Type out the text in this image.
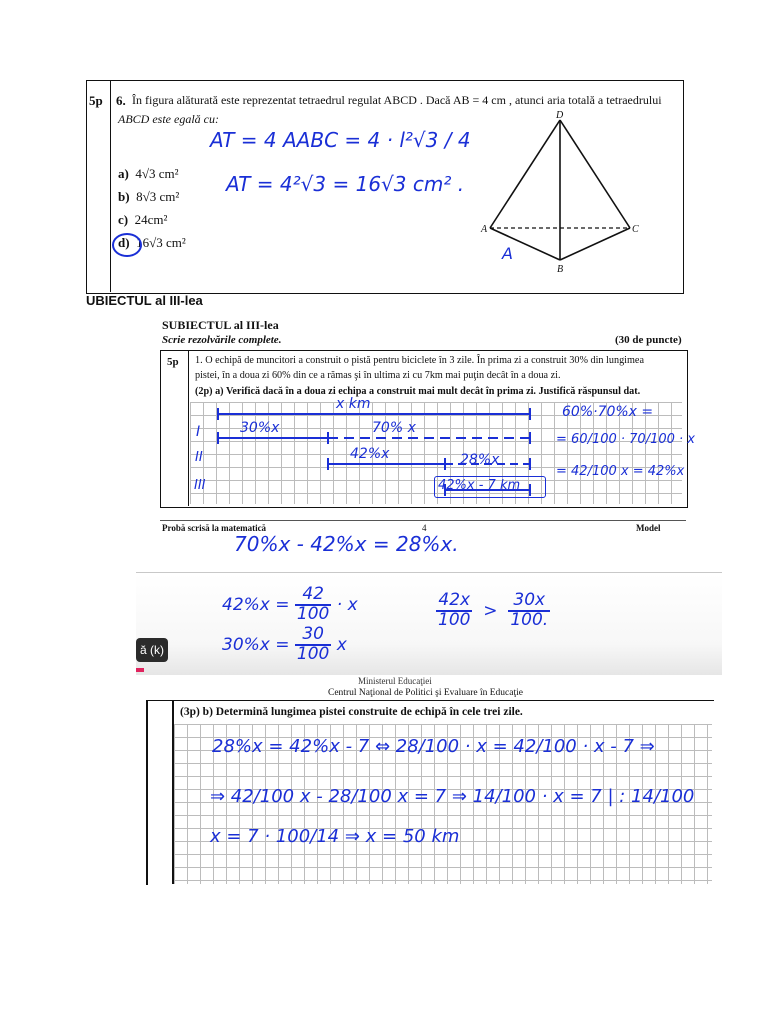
5p 6. În figura alăturată este reprezentat tetraedrul regulat ABCD . Dacă AB = 4 cm , atunci aria totală a tetraedrului
ABCD este egală cu:
a) 4√3 cm²
b) 8√3 cm²
c) 24cm²
d) 16√3 cm²
AT = 4 AABC = 4 · l²√3 / 4
AT = 4²√3 = 16√3 cm² .
D
A	C
B
A
UBIECTUL al III-lea
SUBIECTUL al III-lea
Scrie rezolvările complete.	(30 de puncte)
5p 1. O echipă de muncitori a construit o pistă pentru biciclete în 3 zile. În prima zi a construit 30% din lungimea
pistei, în a doua zi 60% din ce a rămas şi în ultima zi cu 7km mai puţin decât în a doua zi.
(2p) a) Verifică dacă în a doua zi echipa a construit mai mult decât în prima zi. Justifică răspunsul dat.
x km
I	30%x	70% x
II	42%x	28%x
III	42%x - 7 km
60%·70%x =
= 60/100 · 70/100 · x
= 42/100 x = 42%x
Probă scrisă la matematică	4	Model
70%x - 42%x = 28%x.
$42\%x = \frac{42}{100} \cdot x$
$30\%x = \frac{30}{100}$ x
$\frac{42x}{100} > \frac{30x}{100.}$
ă (k)
Ministerul Educaţiei
Centrul Naţional de Politici şi Evaluare în Educaţie
(3p) b) Determină lungimea pistei construite de echipă în cele trei zile.
28%x = 42%x - 7 ⇔ 28/100 · x = 42/100 · x - 7 ⇒
⇒ 42/100 x - 28/100 x = 7 ⇒ 14/100 · x = 7 | : 14/100
x = 7 · 100/14 ⇒ x = 50 km
